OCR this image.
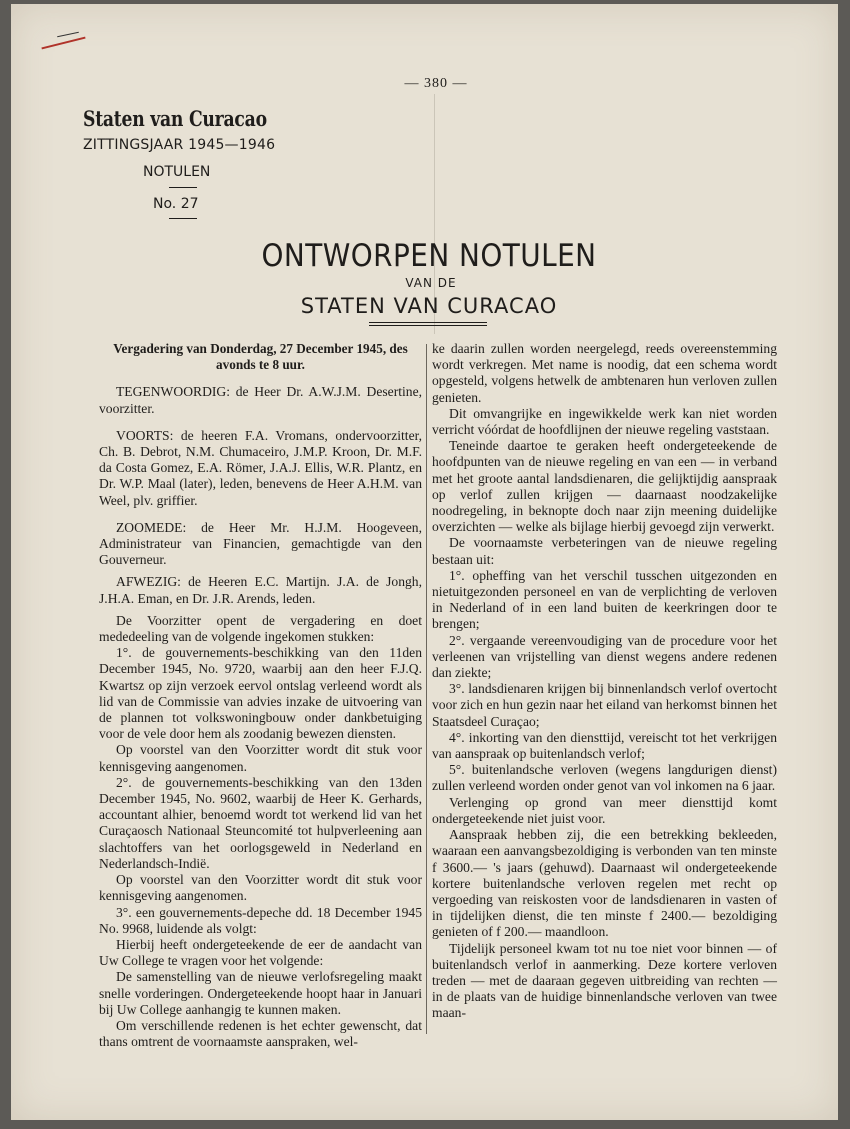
— 380 —
Staten van Curacao
ZITTINGSJAAR 1945—1946
NOTULEN
No. 27
ONTWORPEN NOTULEN
VAN DE
STATEN VAN CURACAO

Vergadering van Donderdag, 27 December 1945, des avonds te 8 uur.

TEGENWOORDIG: de Heer Dr. A.W.J.M. Desertine, voorzitter.

VOORTS: de heeren F.A. Vromans, ondervoorzitter, Ch. B. Debrot, N.M. Chumaceiro, J.M.P. Kroon, Dr. M.F. da Costa Gomez, E.A. Römer, J.A.J. Ellis, W.R. Plantz, en Dr. W.P. Maal (later), leden, benevens de Heer A.H.M. van Weel, plv. griffier.

ZOOMEDE: de Heer Mr. H.J.M. Hoogeveen, Administrateur van Financien, gemachtigde van den Gouverneur.

AFWEZIG: de Heeren E.C. Martijn. J.A. de Jongh, J.H.A. Eman, en Dr. J.R. Arends, leden.

De Voorzitter opent de vergadering en doet mededeeling van de volgende ingekomen stukken:

1°. de gouvernements-beschikking van den 11den December 1945, No. 9720, waarbij aan den heer F.J.Q. Kwartsz op zijn verzoek eervol ontslag verleend wordt als lid van de Commissie van advies inzake de uitvoering van de plannen tot volkswoningbouw onder dankbetuiging voor de vele door hem als zoodanig bewezen diensten.

Op voorstel van den Voorzitter wordt dit stuk voor kennisgeving aangenomen.

2°. de gouvernements-beschikking van den 13den December 1945, No. 9602, waarbij de Heer K. Gerhards, accountant alhier, benoemd wordt tot werkend lid van het Curaçaosch Nationaal Steuncomité tot hulpverleening aan slachtoffers van het oorlogsgeweld in Nederland en Nederlandsch-Indië.

Op voorstel van den Voorzitter wordt dit stuk voor kennisgeving aangenomen.

3°. een gouvernements-depeche dd. 18 December 1945 No. 9968, luidende als volgt:

Hierbij heeft ondergeteekende de eer de aandacht van Uw College te vragen voor het volgende:

De samenstelling van de nieuwe verlofsregeling maakt snelle vorderingen. Ondergeteekende hoopt haar in Januari bij Uw College aanhangig te kunnen maken.

Om verschillende redenen is het echter gewenscht, dat thans omtrent de voornaamste aanspraken, wel-

ke daarin zullen worden neergelegd, reeds overeenstemming wordt verkregen. Met name is noodig, dat een schema wordt opgesteld, volgens hetwelk de ambtenaren hun verloven zullen genieten.

Dit omvangrijke en ingewikkelde werk kan niet worden verricht vóórdat de hoofdlijnen der nieuwe regeling vaststaan.

Teneinde daartoe te geraken heeft ondergeteekende de hoofdpunten van de nieuwe regeling en van een — in verband met het groote aantal landsdienaren, die gelijktijdig aanspraak op verlof zullen krijgen — daarnaast noodzakelijke noodregeling, in beknopte doch naar zijn meening duidelijke overzichten — welke als bijlage hierbij gevoegd zijn verwerkt.

De voornaamste verbeteringen van de nieuwe regeling bestaan uit:

1°. opheffing van het verschil tusschen uitgezonden en nietuitgezonden personeel en van de verplichting de verloven in Nederland of in een land buiten de keerkringen door te brengen;

2°. vergaande vereenvoudiging van de procedure voor het verleenen van vrijstelling van dienst wegens andere redenen dan ziekte;

3°. landsdienaren krijgen bij binnenlandsch verlof overtocht voor zich en hun gezin naar het eiland van herkomst binnen het Staatsdeel Curaçao;

4°. inkorting van den diensttijd, vereischt tot het verkrijgen van aanspraak op buitenlandsch verlof;

5°. buitenlandsche verloven (wegens langdurigen dienst) zullen verleend worden onder genot van vol inkomen na 6 jaar.

Verlenging op grond van meer diensttijd komt ondergeteekende niet juist voor.

Aanspraak hebben zij, die een betrekking bekleeden, waaraan een aanvangsbezoldiging is verbonden van ten minste f 3600.— 's jaars (gehuwd). Daarnaast wil ondergeteekende kortere buitenlandsche verloven regelen met recht op vergoeding van reiskosten voor de landsdienaren in vasten of in tijdelijken dienst, die ten minste f 2400.— bezoldiging genieten of f 200.— maandloon.

Tijdelijk personeel kwam tot nu toe niet voor binnen — of buitenlandsch verlof in aanmerking. Deze kortere verloven treden — met de daaraan gegeven uitbreiding van rechten — in de plaats van de huidige binnenlandsche verloven van twee maan-
